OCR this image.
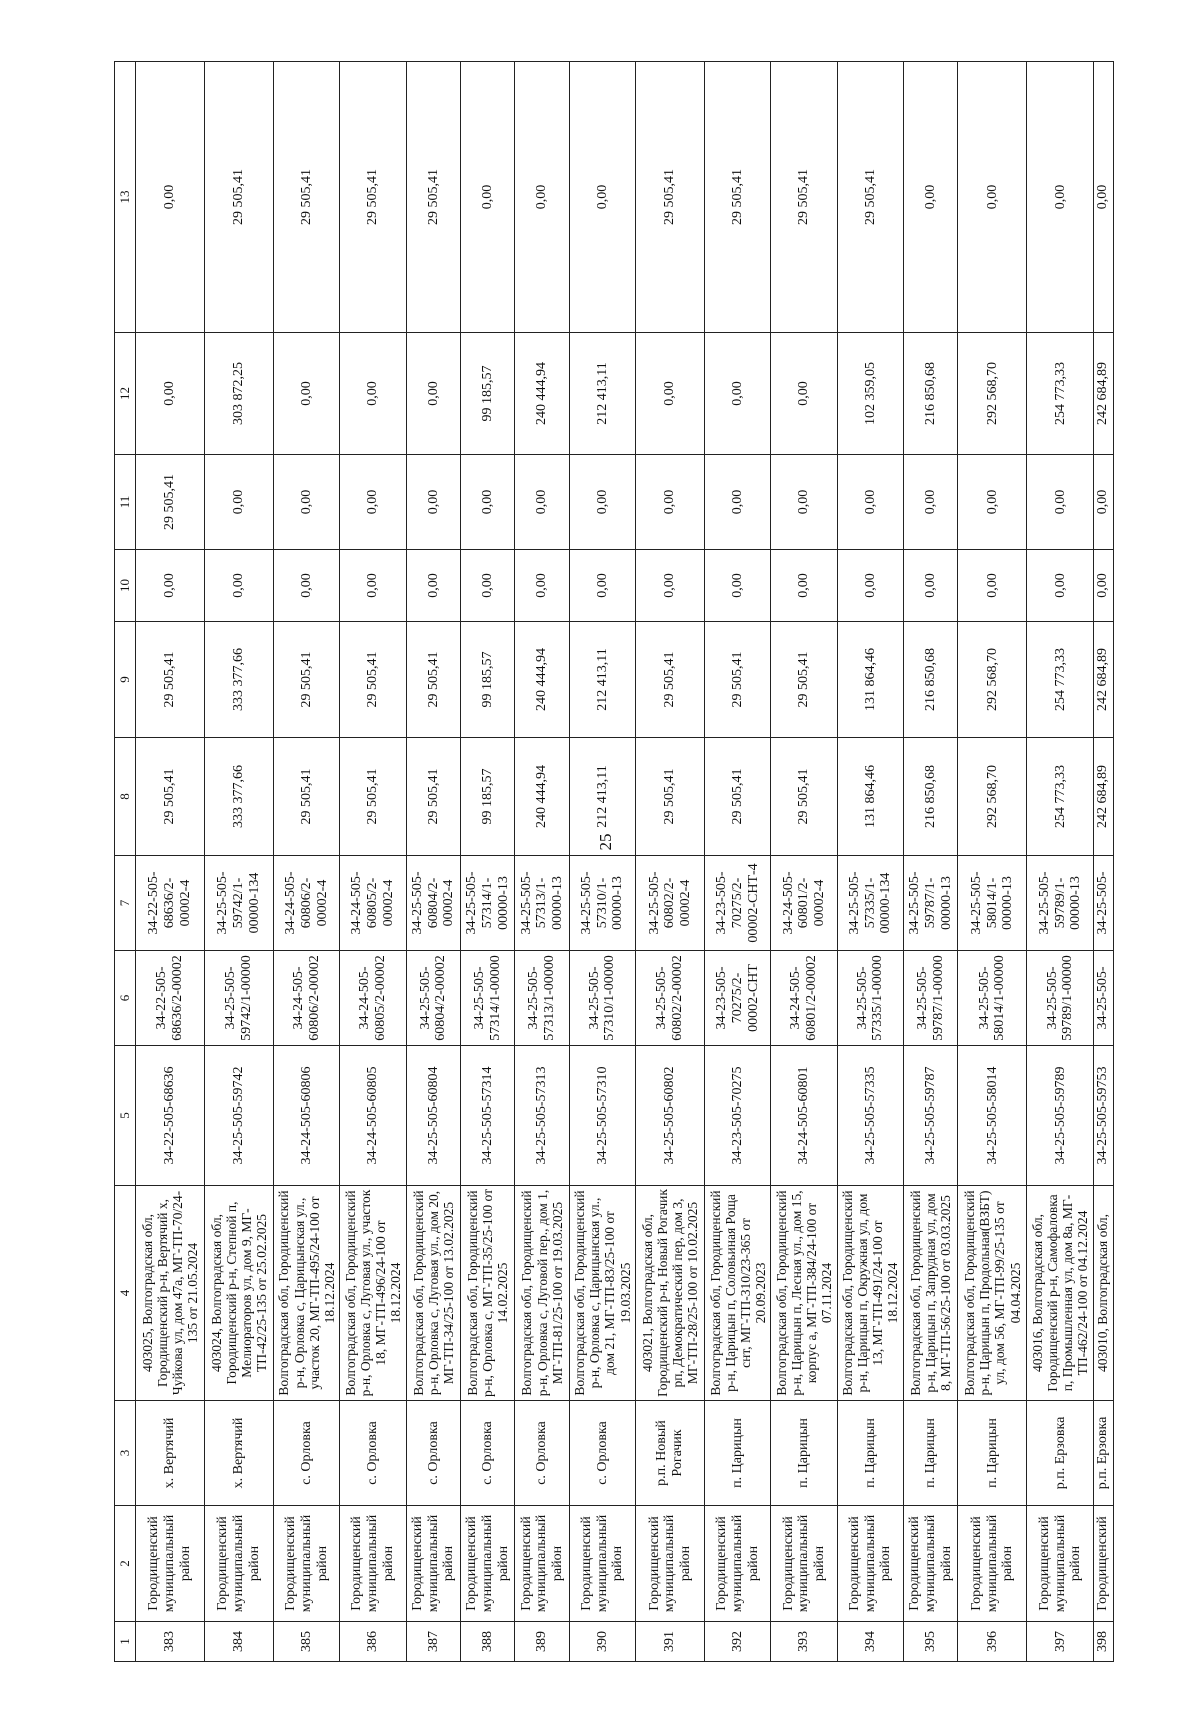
25
1	2	3	4	5	6	7	8	9	10	11	12	13
383	Городищенский муниципальный район	х. Вертячий	403025, Волгоградская обл, Городищенский р-н, Вертячий х, Чуйкова ул, дом 47а, МГ-ТП-70/24-135 от 21.05.2024	34-22-505-68636	34-22-505-68636/2-00002	34-22-505-68636/2-00002-4	29 505,41	29 505,41	0,00	29 505,41	0,00	0,00
384	Городищенский муниципальный район	х. Вертячий	403024, Волгоградская обл, Городищенский р-н, Степной п, Мелиораторов ул, дом 9, МГ-ТП-42/25-135 от 25.02.2025	34-25-505-59742	34-25-505-59742/1-00000	34-25-505-59742/1-00000-134	333 377,66	333 377,66	0,00	0,00	303 872,25	29 505,41
385	Городищенский муниципальный район	с. Орловка	Волгоградская обл, Городищенский р-н, Орловка с, Царицынская ул., участок 20, МГ-ТП-495/24-100 от 18.12.2024	34-24-505-60806	34-24-505-60806/2-00002	34-24-505-60806/2-00002-4	29 505,41	29 505,41	0,00	0,00	0,00	29 505,41
386	Городищенский муниципальный район	с. Орловка	Волгоградская обл, Городищенский р-н, Орловка с, Луговая ул., участок 18, МГ-ТП-496/24-100 от 18.12.2024	34-24-505-60805	34-24-505-60805/2-00002	34-24-505-60805/2-00002-4	29 505,41	29 505,41	0,00	0,00	0,00	29 505,41
387	Городищенский муниципальный район	с. Орловка	Волгоградская обл, Городищенский р-н, Орловка с, Луговая ул., дом 20, МГ-ТП-34/25-100 от 13.02.2025	34-25-505-60804	34-25-505-60804/2-00002	34-25-505-60804/2-00002-4	29 505,41	29 505,41	0,00	0,00	0,00	29 505,41
388	Городищенский муниципальный район	с. Орловка	Волгоградская обл, Городищенский р-н, Орловка с, МГ-ТП-35/25-100 от 14.02.2025	34-25-505-57314	34-25-505-57314/1-00000	34-25-505-57314/1-00000-13	99 185,57	99 185,57	0,00	0,00	99 185,57	0,00
389	Городищенский муниципальный район	с. Орловка	Волгоградская обл, Городищенский р-н, Орловка с, Луговой пер., дом 1, МГ-ТП-81/25-100 от 19.03.2025	34-25-505-57313	34-25-505-57313/1-00000	34-25-505-57313/1-00000-13	240 444,94	240 444,94	0,00	0,00	240 444,94	0,00
390	Городищенский муниципальный район	с. Орловка	Волгоградская обл, Городищенский р-н, Орловка с, Царицынская ул., дом 21, МГ-ТП-83/25-100 от 19.03.2025	34-25-505-57310	34-25-505-57310/1-00000	34-25-505-57310/1-00000-13	212 413,11	212 413,11	0,00	0,00	212 413,11	0,00
391	Городищенский муниципальный район	р.п. Новый Рогачик	403021, Волгоградская обл, Городищенский р-н, Новый Рогачик рп, Демократический пер, дом 3, МГ-ТП-28/25-100 от 10.02.2025	34-25-505-60802	34-25-505-60802/2-00002	34-25-505-60802/2-00002-4	29 505,41	29 505,41	0,00	0,00	0,00	29 505,41
392	Городищенский муниципальный район	п. Царицын	Волгоградская обл, Городищенский р-н, Царицын п, Соловьиная Роща снт, МГ-ТП-310/23-365 от 20.09.2023	34-23-505-70275	34-23-505-70275/2-00002-СНТ	34-23-505-70275/2-00002-СНТ-4	29 505,41	29 505,41	0,00	0,00	0,00	29 505,41
393	Городищенский муниципальный район	п. Царицын	Волгоградская обл, Городищенский р-н, Царицын п, Лесная ул., дом 15, корпус а, МГ-ТП-384/24-100 от 07.11.2024	34-24-505-60801	34-24-505-60801/2-00002	34-24-505-60801/2-00002-4	29 505,41	29 505,41	0,00	0,00	0,00	29 505,41
394	Городищенский муниципальный район	п. Царицын	Волгоградская обл, Городищенский р-н, Царицын п, Окружная ул, дом 13, МГ-ТП-491/24-100 от 18.12.2024	34-25-505-57335	34-25-505-57335/1-00000	34-25-505-57335/1-00000-134	131 864,46	131 864,46	0,00	0,00	102 359,05	29 505,41
395	Городищенский муниципальный район	п. Царицын	Волгоградская обл, Городищенский р-н, Царицын п, Запрудная ул, дом 8, МГ-ТП-56/25-100 от 03.03.2025	34-25-505-59787	34-25-505-59787/1-00000	34-25-505-59787/1-00000-13	216 850,68	216 850,68	0,00	0,00	216 850,68	0,00
396	Городищенский муниципальный район	п. Царицын	Волгоградская обл, Городищенский р-н, Царицын п, Продольная(ВЗБТ) ул, дом 56, МГ-ТП-99/25-135 от 04.04.2025	34-25-505-58014	34-25-505-58014/1-00000	34-25-505-58014/1-00000-13	292 568,70	292 568,70	0,00	0,00	292 568,70	0,00
397	Городищенский муниципальный район	р.п. Ерзовка	403016, Волгоградская обл, Городищенский р-н, Самофаловка п, Промышленная ул, дом 8а, МГ-ТП-462/24-100 от 04.12.2024	34-25-505-59789	34-25-505-59789/1-00000	34-25-505-59789/1-00000-13	254 773,33	254 773,33	0,00	0,00	254 773,33	0,00
398	Городищенский	р.п. Ерзовка	403010, Волгоградская обл,	34-25-505-59753	34-25-505-	34-25-505-	242 684,89	242 684,89	0,00	0,00	242 684,89	0,00
